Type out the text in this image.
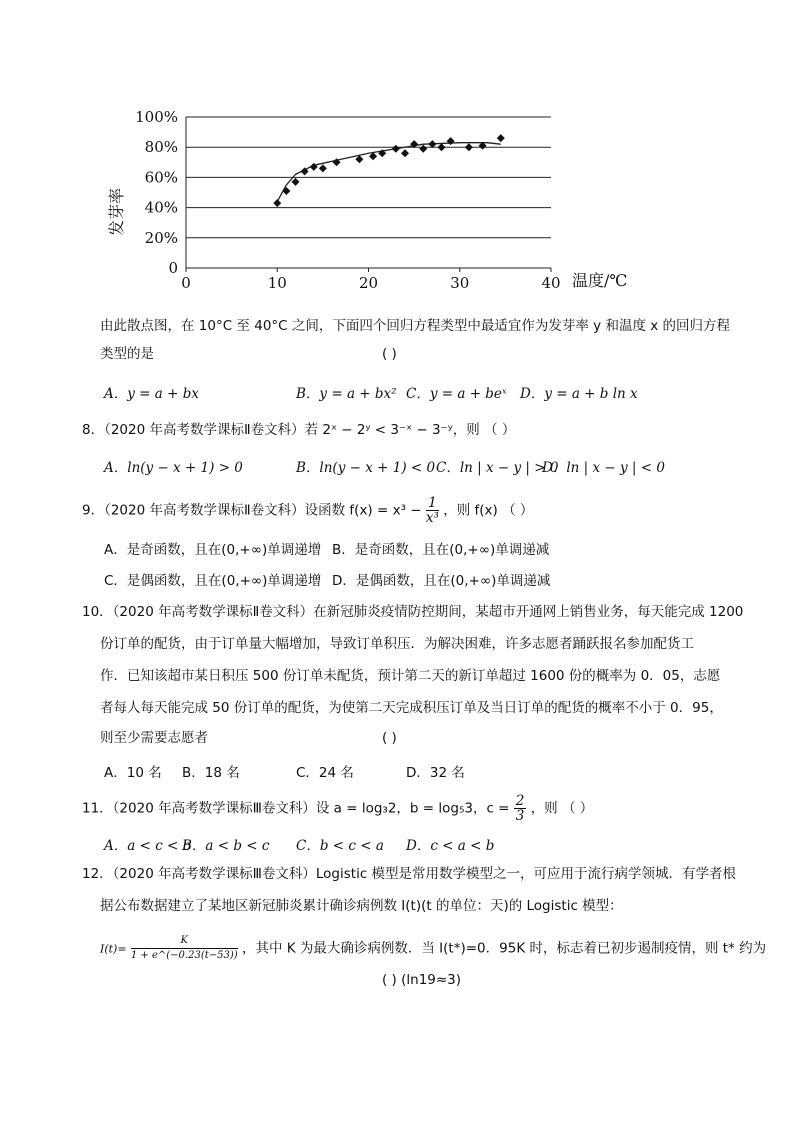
0
20%
40%
60%
80%
100%
0	10	20	30	40
发芽率
温度/℃
由此散点图，在 10°C 至 40°C 之间，下面四个回归方程类型中最适宜作为发芽率 y 和温度 x 的回归方程
类型的是	( )
A．y = a + bx	B．y = a + bx² C．y = a + beˣ D．y = a + b ln x
8．（2020 年高考数学课标Ⅱ卷文科）若 2ˣ − 2ʸ < 3⁻ˣ − 3⁻ʸ，则 （ ）
A．ln(y − x + 1) > 0	B．ln(y − x + 1) < 0 C．ln | x − y | > 0
D．ln | x − y | < 0
9．（2020 年高考数学课标Ⅱ卷文科）设函数 $f(x) = x^3 - \frac{1}{\text{x³}}$ ，则 f(x) （ ）
A．是奇函数，且在(0,+∞)单调递增 B．是奇函数，且在(0,+∞)单调递减
C．是偶函数，且在(0,+∞)单调递增 D．是偶函数，且在(0,+∞)单调递减
10．（2020 年高考数学课标Ⅱ卷文科）在新冠肺炎疫情防控期间，某超市开通网上销售业务，每天能完成 1200
份订单的配货，由于订单量大幅增加，导致订单积压．为解决困难，许多志愿者踊跃报名参加配货工
作．已知该超市某日积压 500 份订单未配货，预计第二天的新订单超过 1600 份的概率为 0．05，志愿
者每人每天能完成 50 份订单的配货，为使第二天完成积压订单及当日订单的配货的概率不小于 0．95，
则至少需要志愿者	( )
A．10 名 B．18 名	C．24 名	D．32 名
11．（2020 年高考数学课标Ⅲ卷文科）设 a = log₃2，b = log₅3，$c = \frac{2}{3}$ ，则 （ ）
A．a < c < b
B．a < b < c C．b < c < a D．c < a < b
12．（2020 年高考数学课标Ⅲ卷文科）Logistic 模型是常用数学模型之一，可应用于流行病学领城．有学者根
据公布数据建立了某地区新冠肺炎累计确诊病例数 I(t)(t 的单位：天)的 Logistic 模型：
$I(t)= \frac{K}{1 + e\^{}(-0.23(t-53))}$ ，其中 K 为最大确诊病例数．当 I(t*)=0．95K 时，标志着已初步遏制疫情，则 t* 约为
( ) (ln19≈3)
